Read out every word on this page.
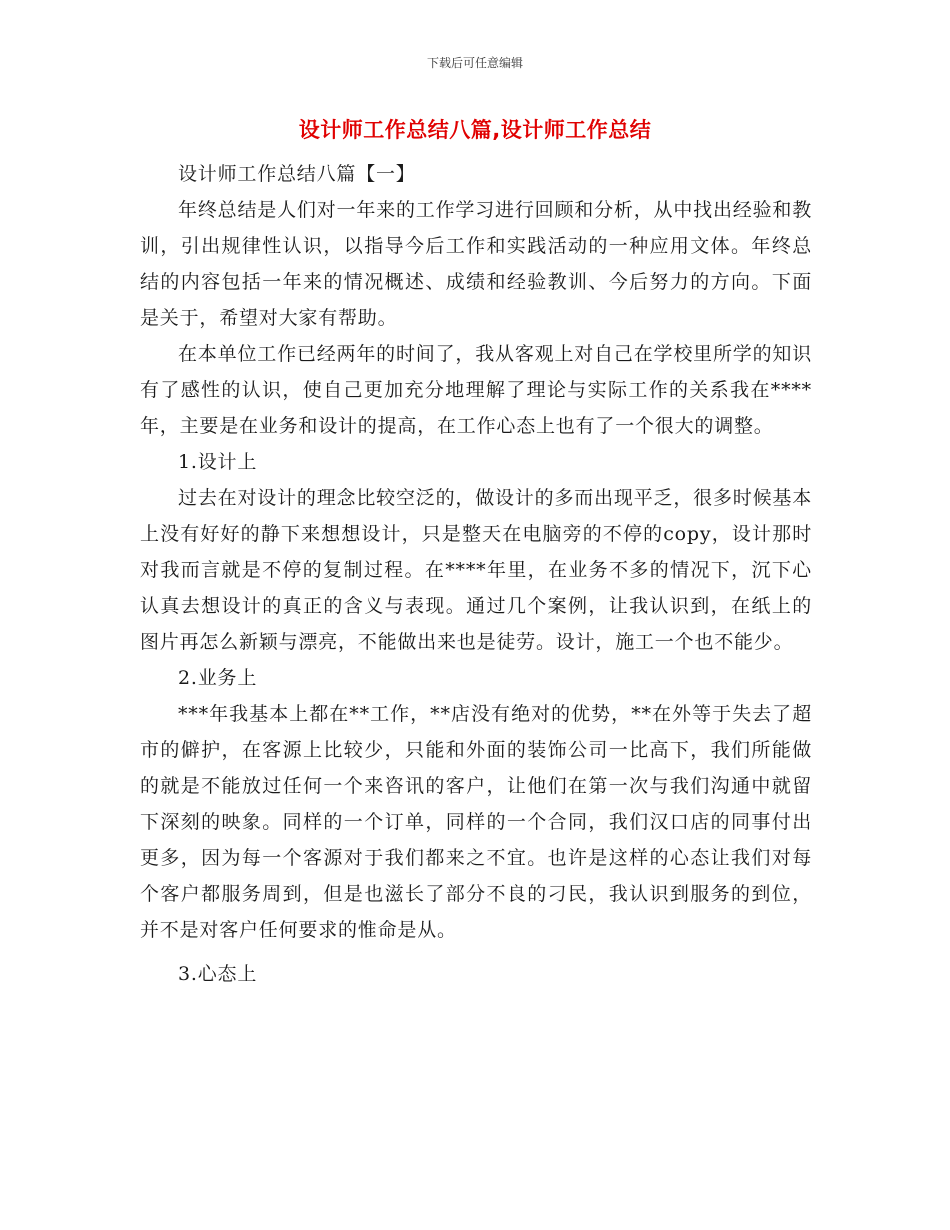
下载后可任意编辑
设计师工作总结八篇,设计师工作总结

设计师工作总结八篇【一】

年终总结是人们对一年来的工作学习进行回顾和分析，从中找出经验和教训，引出规律性认识，以指导今后工作和实践活动的一种应用文体。年终总结的内容包括一年来的情况概述、成绩和经验教训、今后努力的方向。下面是关于，希望对大家有帮助。

在本单位工作已经两年的时间了，我从客观上对自己在学校里所学的知识有了感性的认识，使自己更加充分地理解了理论与实际工作的关系我在****年，主要是在业务和设计的提高，在工作心态上也有了一个很大的调整。

1.设计上

过去在对设计的理念比较空泛的，做设计的多而出现平乏，很多时候基本上没有好好的静下来想想设计，只是整天在电脑旁的不停的copy，设计那时对我而言就是不停的复制过程。在****年里，在业务不多的情况下，沉下心认真去想设计的真正的含义与表现。通过几个案例，让我认识到，在纸上的图片再怎么新颖与漂亮，不能做出来也是徒劳。设计，施工一个也不能少。

2.业务上

***年我基本上都在**工作，**店没有绝对的优势，**在外等于失去了超市的僻护，在客源上比较少，只能和外面的装饰公司一比高下，我们所能做的就是不能放过任何一个来咨讯的客户，让他们在第一次与我们沟通中就留下深刻的映象。同样的一个订单，同样的一个合同，我们汉口店的同事付出更多，因为每一个客源对于我们都来之不宜。也许是这样的心态让我们对每个客户都服务周到，但是也滋长了部分不良的刁民，我认识到服务的到位，并不是对客户任何要求的惟命是从。

3.心态上
